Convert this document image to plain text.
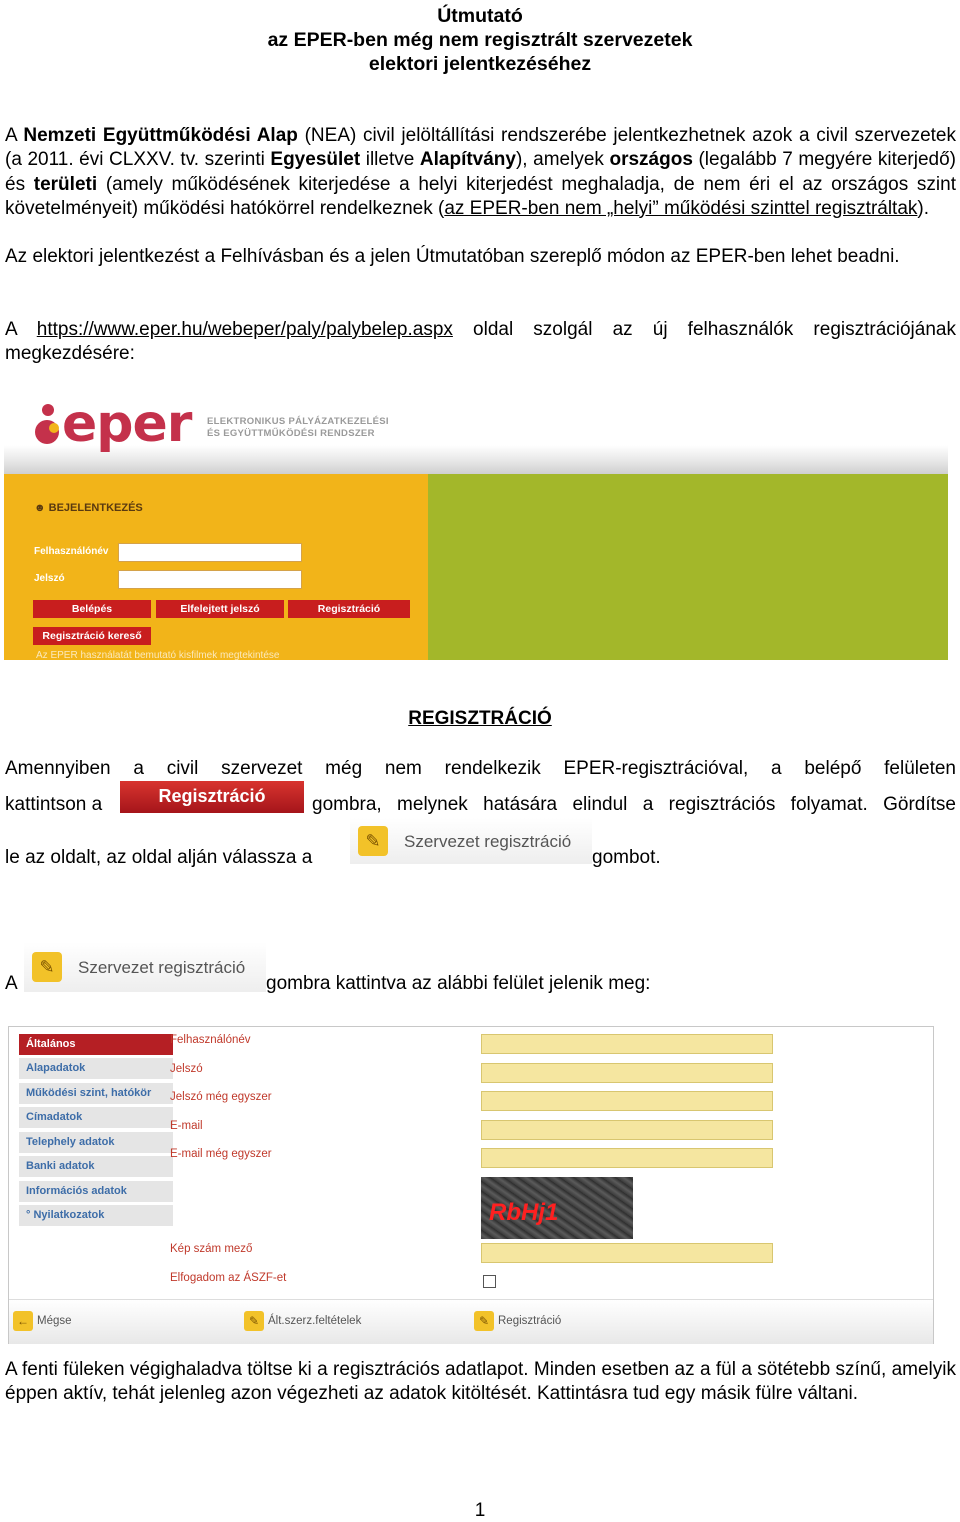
Útmutató
az EPER-ben még nem regisztrált szervezetek
elektori jelentkezéséhez
A Nemzeti Együttműködési Alap (NEA) civil jelöltállítási rendszerébe jelentkezhetnek azok a civil szervezetek (a 2011. évi CLXXV. tv. szerinti Egyesület illetve Alapítvány), amelyek országos (legalább 7 megyére kiterjedő) és területi (amely működésének kiterjedése a helyi kiterjedést meghaladja, de nem éri el az országos szint követelményeit) működési hatókörrel rendelkeznek (az EPER-ben nem „helyi” működési szinttel regisztráltak).
Az elektori jelentkezést a Felhívásban és a jelen Útmutatóban szereplő módon az EPER-ben lehet beadni.
A https://www.eper.hu/webeper/paly/palybelep.aspx oldal szolgál az új felhasználók regisztrációjának megkezdésére:
eper ELEKTRONIKUS PÁLYÁZATKEZELÉSI
ÉS EGYÜTTMŰKÖDÉSI RENDSZER
☻ BEJELENTKEZÉS
Felhasználónév
Jelszó
Belépés	Elfelejtett jelszó	Regisztráció
Regisztráció kereső
Az EPER használatát bemutató kisfilmek megtekintése
REGISZTRÁCIÓ
Amennyiben a civil szervezet még nem rendelkezik EPER-regisztrációval, a belépő felületen
kattintson a	Regisztráció	gombra, melynek hatására elindul a regisztrációs folyamat. Gördítse
le az oldalt, az oldal alján válassza a
✎	Szervezet regisztráció
gombot.
A
✎	Szervezet regisztráció
gombra kattintva az alábbi felület jelenik meg:
Általános
Alapadatok
Működési szint, hatókör
Címadatok
Telephely adatok
Banki adatok
Információs adatok
° Nyilatkozatok
Felhasználónév
Jelszó
Jelszó még egyszer
E-mail
E-mail még egyszer
RbHj1
Kép szám mező
Elfogadom az ÁSZF-et
← Mégse	✎ Ált.szerz.feltételek	✎ Regisztráció
A fenti füleken végighaladva töltse ki a regisztrációs adatlapot. Minden esetben az a fül a sötétebb színű, amelyik éppen aktív, tehát jelenleg azon végezheti az adatok kitöltését. Kattintásra tud egy másik fülre váltani.
1
